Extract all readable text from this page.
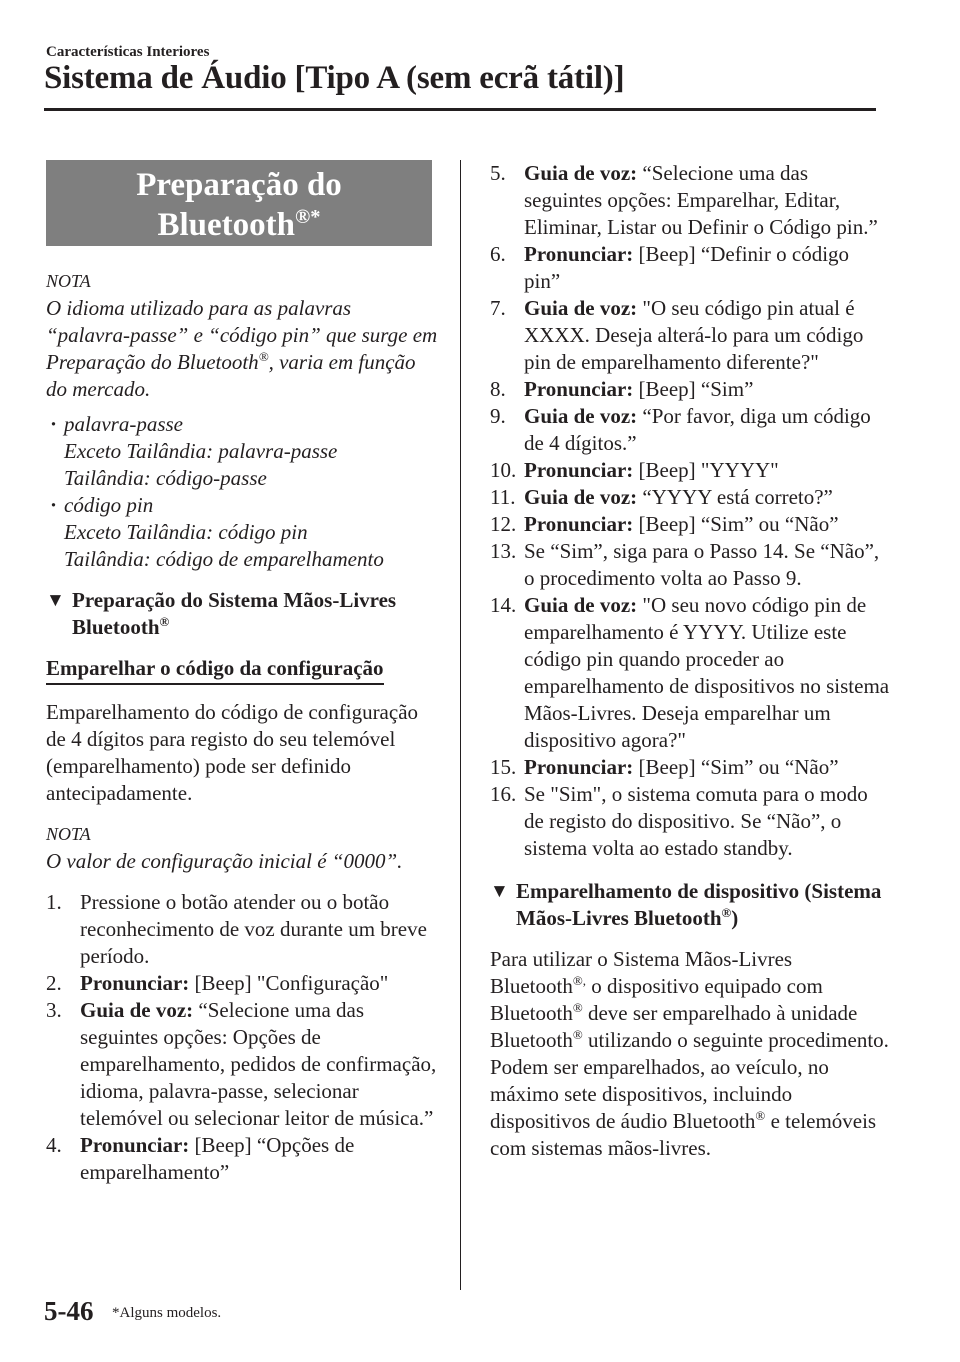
Características Interiores
Sistema de Áudio [Tipo A (sem ecrã tátil)]
Preparação do
Bluetooth®*
NOTA
O idioma utilizado para as palavras “palavra-passe” e “código pin” que surge em Preparação do Bluetooth®, varia em função do mercado.
· palavra-passe
Exceto Tailândia: palavra-passe
Tailândia: código-passe
· código pin
Exceto Tailândia: código pin
Tailândia: código de emparelhamento
▼ Preparação do Sistema Mãos-Livres Bluetooth®
Emparelhar o código da configuração
Emparelhamento do código de configuração de 4 dígitos para registo do seu telemóvel (emparelhamento) pode ser definido antecipadamente.
NOTA
O valor de configuração inicial é “0000”.
1. Pressione o botão atender ou o botão reconhecimento de voz durante um breve período.
2. Pronunciar: [Beep] "Configuração"
3. Guia de voz: “Selecione uma das seguintes opções: Opções de emparelhamento, pedidos de confirmação, idioma, palavra-passe, selecionar telemóvel ou selecionar leitor de música.”
4. Pronunciar: [Beep] “Opções de emparelhamento”
5. Guia de voz: “Selecione uma das seguintes opções: Emparelhar, Editar, Eliminar, Listar ou Definir o Código pin.”
6. Pronunciar: [Beep] “Definir o código pin”
7. Guia de voz: "O seu código pin atual é XXXX. Deseja alterá-lo para um código pin de emparelhamento diferente?"
8. Pronunciar: [Beep] “Sim”
9. Guia de voz: “Por favor, diga um código de 4 dígitos.”
10. Pronunciar: [Beep] "YYYY"
11. Guia de voz: “YYYY está correto?”
12. Pronunciar: [Beep] “Sim” ou “Não”
13. Se “Sim”, siga para o Passo 14. Se “Não”, o procedimento volta ao Passo 9.
14. Guia de voz: "O seu novo código pin de emparelhamento é YYYY. Utilize este código pin quando proceder ao emparelhamento de dispositivos no sistema Mãos-Livres. Deseja emparelhar um dispositivo agora?"
15. Pronunciar: [Beep] “Sim” ou “Não”
16. Se "Sim", o sistema comuta para o modo de registo do dispositivo. Se “Não”, o sistema volta ao estado standby.
▼ Emparelhamento de dispositivo (Sistema Mãos-Livres Bluetooth®)
Para utilizar o Sistema Mãos-Livres Bluetooth®, o dispositivo equipado com Bluetooth® deve ser emparelhado à unidade Bluetooth® utilizando o seguinte procedimento.
Podem ser emparelhados, ao veículo, no máximo sete dispositivos, incluindo dispositivos de áudio Bluetooth® e telemóveis com sistemas mãos-livres.
5-46 *Alguns modelos.
